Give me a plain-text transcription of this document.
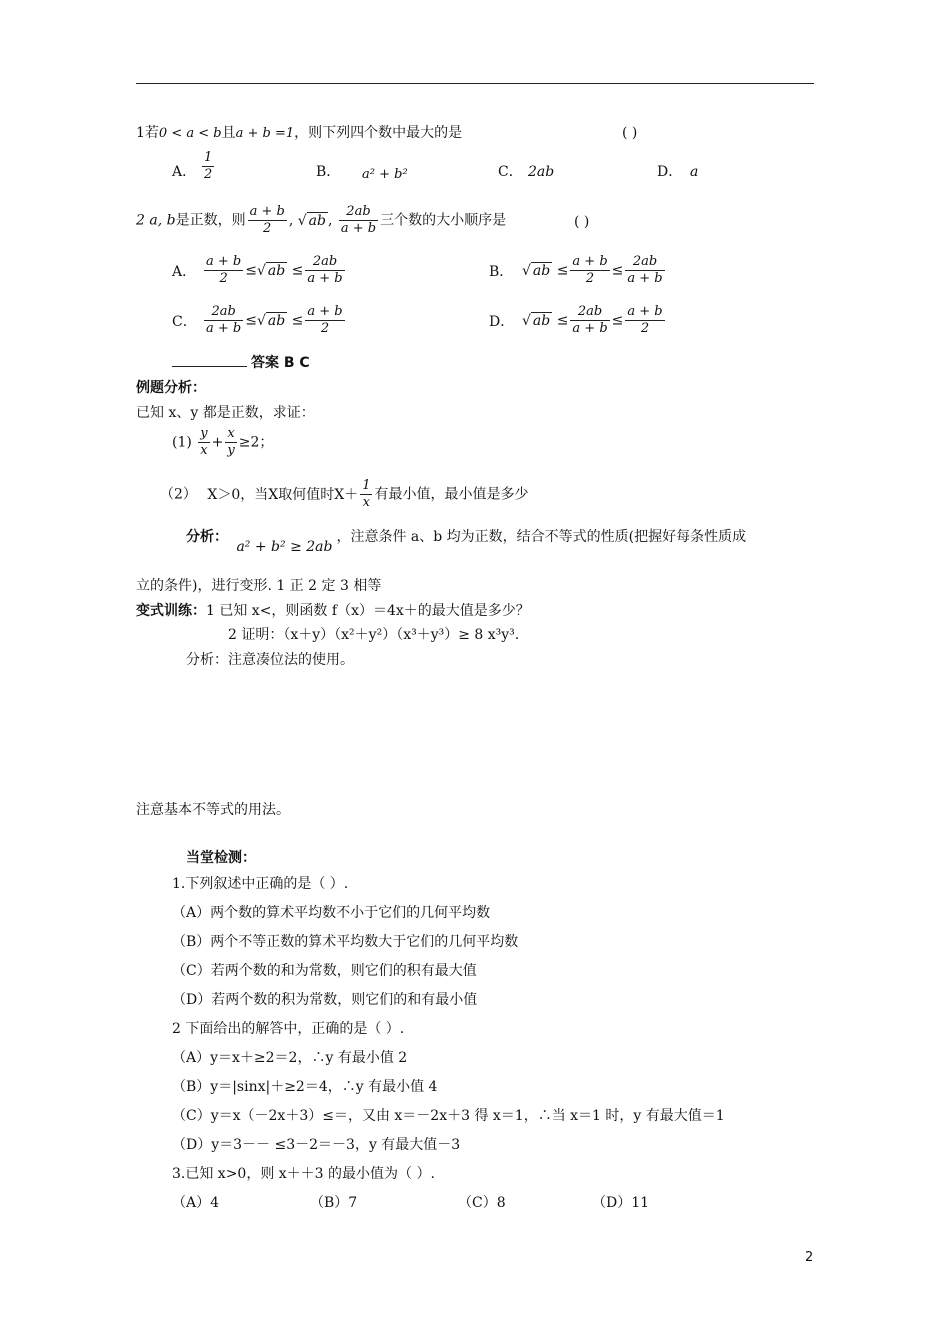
1若0 < a < b且a + b =1，则下列四个数中最大的是	( )
A． $\frac{1}{2}$	B． a² + b²	C． 2ab	D． a
2 a, b是正数，则 $\frac{a + b}{2}$ , √ ab , $\frac{2ab}{a + b}$ 三个数的大小顺序是	( )
A． $\frac{a + b}{2}$ ≤√ ab ≤ $\frac{2ab}{a + b}$	B． √ ab ≤ $\frac{a + b}{2} \le \frac{2ab}{a + b}$
C． $\frac{2ab}{a + b}$ ≤√ ab ≤ $\frac{a + b}{2}$	D． √ ab ≤ $\frac{2ab}{a + b} \le \frac{a + b}{2}$
答案 B C
例题分析：
已知 x、y 都是正数，求证：
$(1) \frac{y}{x} + \frac{x}{y} \ge 2$；
（2） X＞0，当X取何值时$X+ \frac{1}{x}$ 有最小值，最小值是多少
分析： a² + b² ≥ 2ab，注意条件 a、b 均为正数，结合不等式的性质(把握好每条性质成
立的条件)，进行变形. 1 正 2 定 3 相等
变式训练：1 已知 x<，则函数 f（x）＝4x＋的最大值是多少？
2 证明：（x＋y）（x²＋y²）（x³＋y³）≥ 8 x³y³.
分析：注意凑位法的使用。
注意基本不等式的用法。
当堂检测：
1.下列叙述中正确的是（ ）.
（A）两个数的算术平均数不小于它们的几何平均数
（B）两个不等正数的算术平均数大于它们的几何平均数
（C）若两个数的和为常数，则它们的积有最大值
（D）若两个数的积为常数，则它们的和有最小值
2 下面给出的解答中，正确的是（ ）.
（A）y＝x＋≥2＝2，∴y 有最小值 2
（B）y＝|sinx|＋≥2＝4，∴y 有最小值 4
（C）y＝x（－2x＋3）≤＝，又由 x＝－2x＋3 得 x＝1，∴当 x＝1 时，y 有最大值＝1
（D）y＝3－－ ≤3－2＝－3，y 有最大值－3
3.已知 x>0，则 x＋＋3 的最小值为（ ）.
（A）4	（B）7	（C）8	（D）11
2
